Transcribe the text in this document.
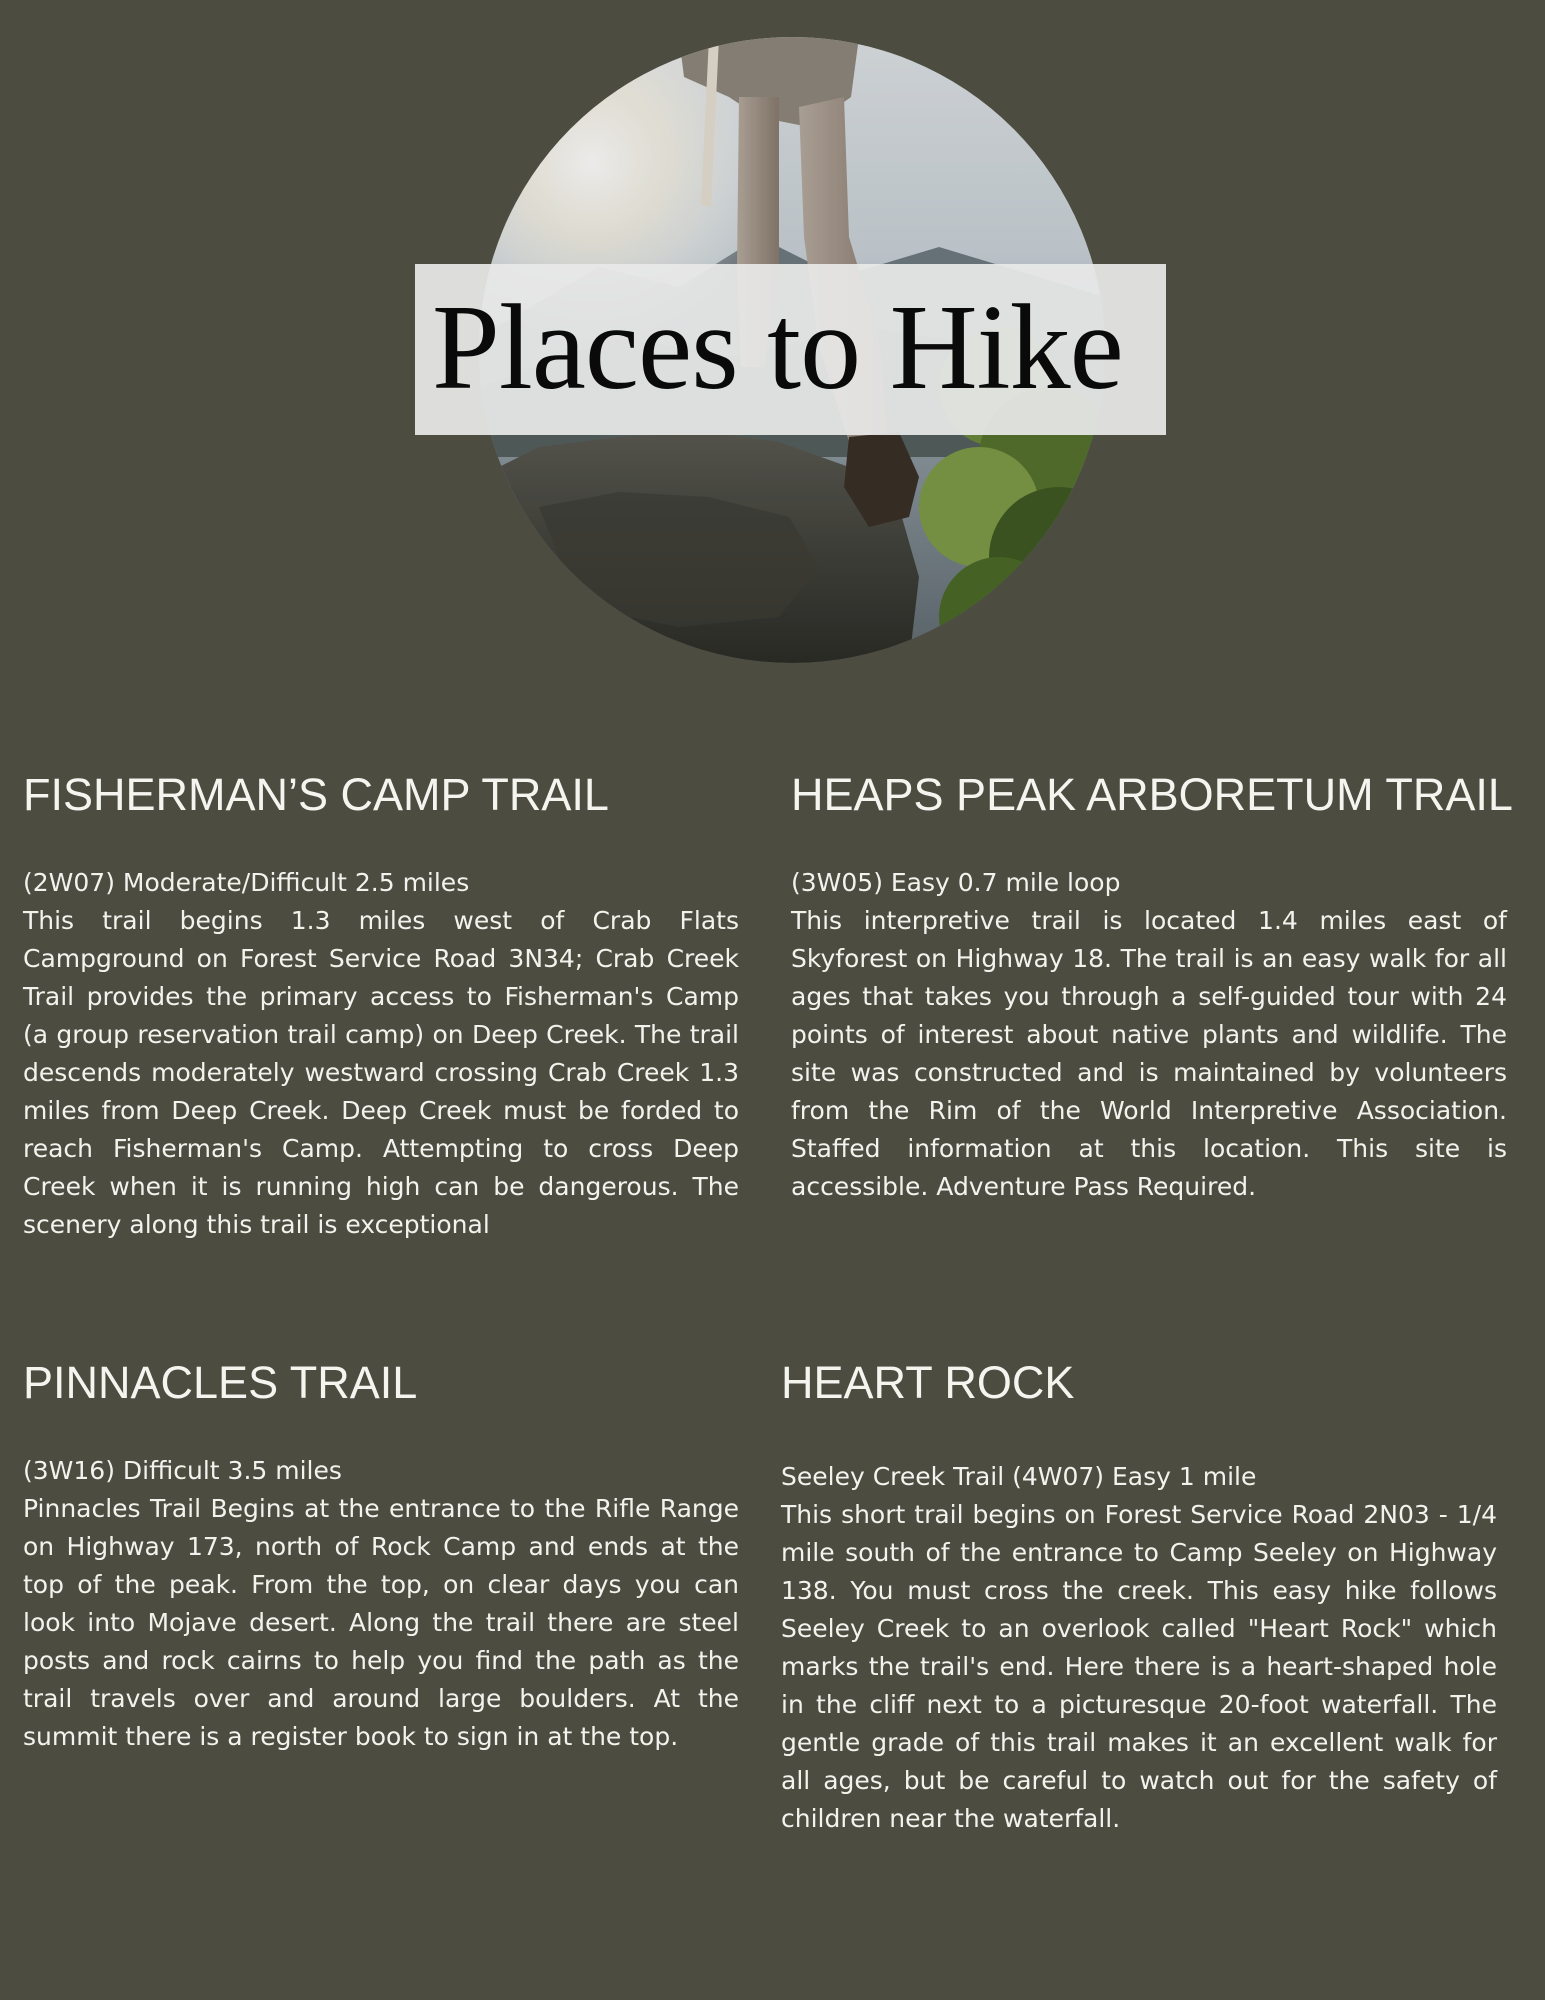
Places to Hike
FISHERMAN’S CAMP TRAIL

(2W07) Moderate/Difficult 2.5 miles

This trail begins 1.3 miles west of Crab Flats Campground on Forest Service Road 3N34; Crab Creek Trail provides the primary access to Fisherman's Camp (a group reservation trail camp) on Deep Creek. The trail descends moderately westward crossing Crab Creek 1.3 miles from Deep Creek. Deep Creek must be forded to reach Fisherman's Camp. Attempting to cross Deep Creek when it is running high can be dangerous. The scenery along this trail is exceptional

HEAPS PEAK ARBORETUM TRAIL

(3W05) Easy 0.7 mile loop

This interpretive trail is located 1.4 miles east of Skyforest on Highway 18. The trail is an easy walk for all ages that takes you through a self-guided tour with 24 points of interest about native plants and wildlife. The site was constructed and is maintained by volunteers from the Rim of the World Interpretive Association. Staffed information at this location. This site is accessible. Adventure Pass Required.

PINNACLES TRAIL

(3W16) Difficult 3.5 miles

Pinnacles Trail Begins at the entrance to the Rifle Range on Highway 173, north of Rock Camp and ends at the top of the peak. From the top, on clear days you can look into Mojave desert. Along the trail there are steel posts and rock cairns to help you find the path as the trail travels over and around large boulders. At the summit there is a register book to sign in at the top.

HEART ROCK

Seeley Creek Trail (4W07) Easy 1 mile

This short trail begins on Forest Service Road 2N03 - 1/4 mile south of the entrance to Camp Seeley on Highway 138. You must cross the creek. This easy hike follows Seeley Creek to an overlook called "Heart Rock" which marks the trail's end. Here there is a heart-shaped hole in the cliff next to a picturesque 20-foot waterfall. The gentle grade of this trail makes it an excellent walk for all ages, but be careful to watch out for the safety of children near the waterfall.
